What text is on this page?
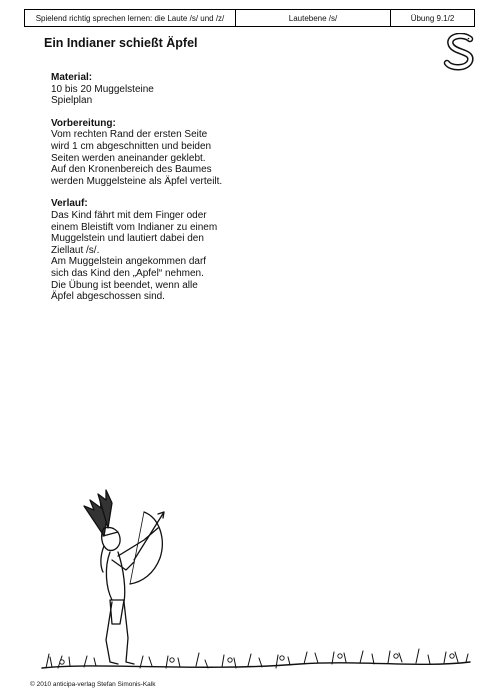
Spielend richtig sprechen lernen: die Laute /s/ und /z/	Lautebene /s/	Übung 9.1/2
Ein Indianer schießt Äpfel
Material:
10 bis 20 Muggelsteine
Spielplan
Vorbereitung:
Vom rechten Rand der ersten Seite
wird 1 cm abgeschnitten und beiden
Seiten werden aneinander geklebt.
Auf den Kronenbereich des Baumes
werden Muggelsteine als Äpfel verteilt.
Verlauf:
Das Kind fährt mit dem Finger oder
einem Bleistift vom Indianer zu einem
Muggelstein und lautiert dabei den
Ziellaut /s/.
Am Muggelstein angekommen darf
sich das Kind den „Apfel“ nehmen.
Die Übung ist beendet, wenn alle
Äpfel abgeschossen sind.
© 2010 anticipa-verlag Stefan Simonis-Kalk
